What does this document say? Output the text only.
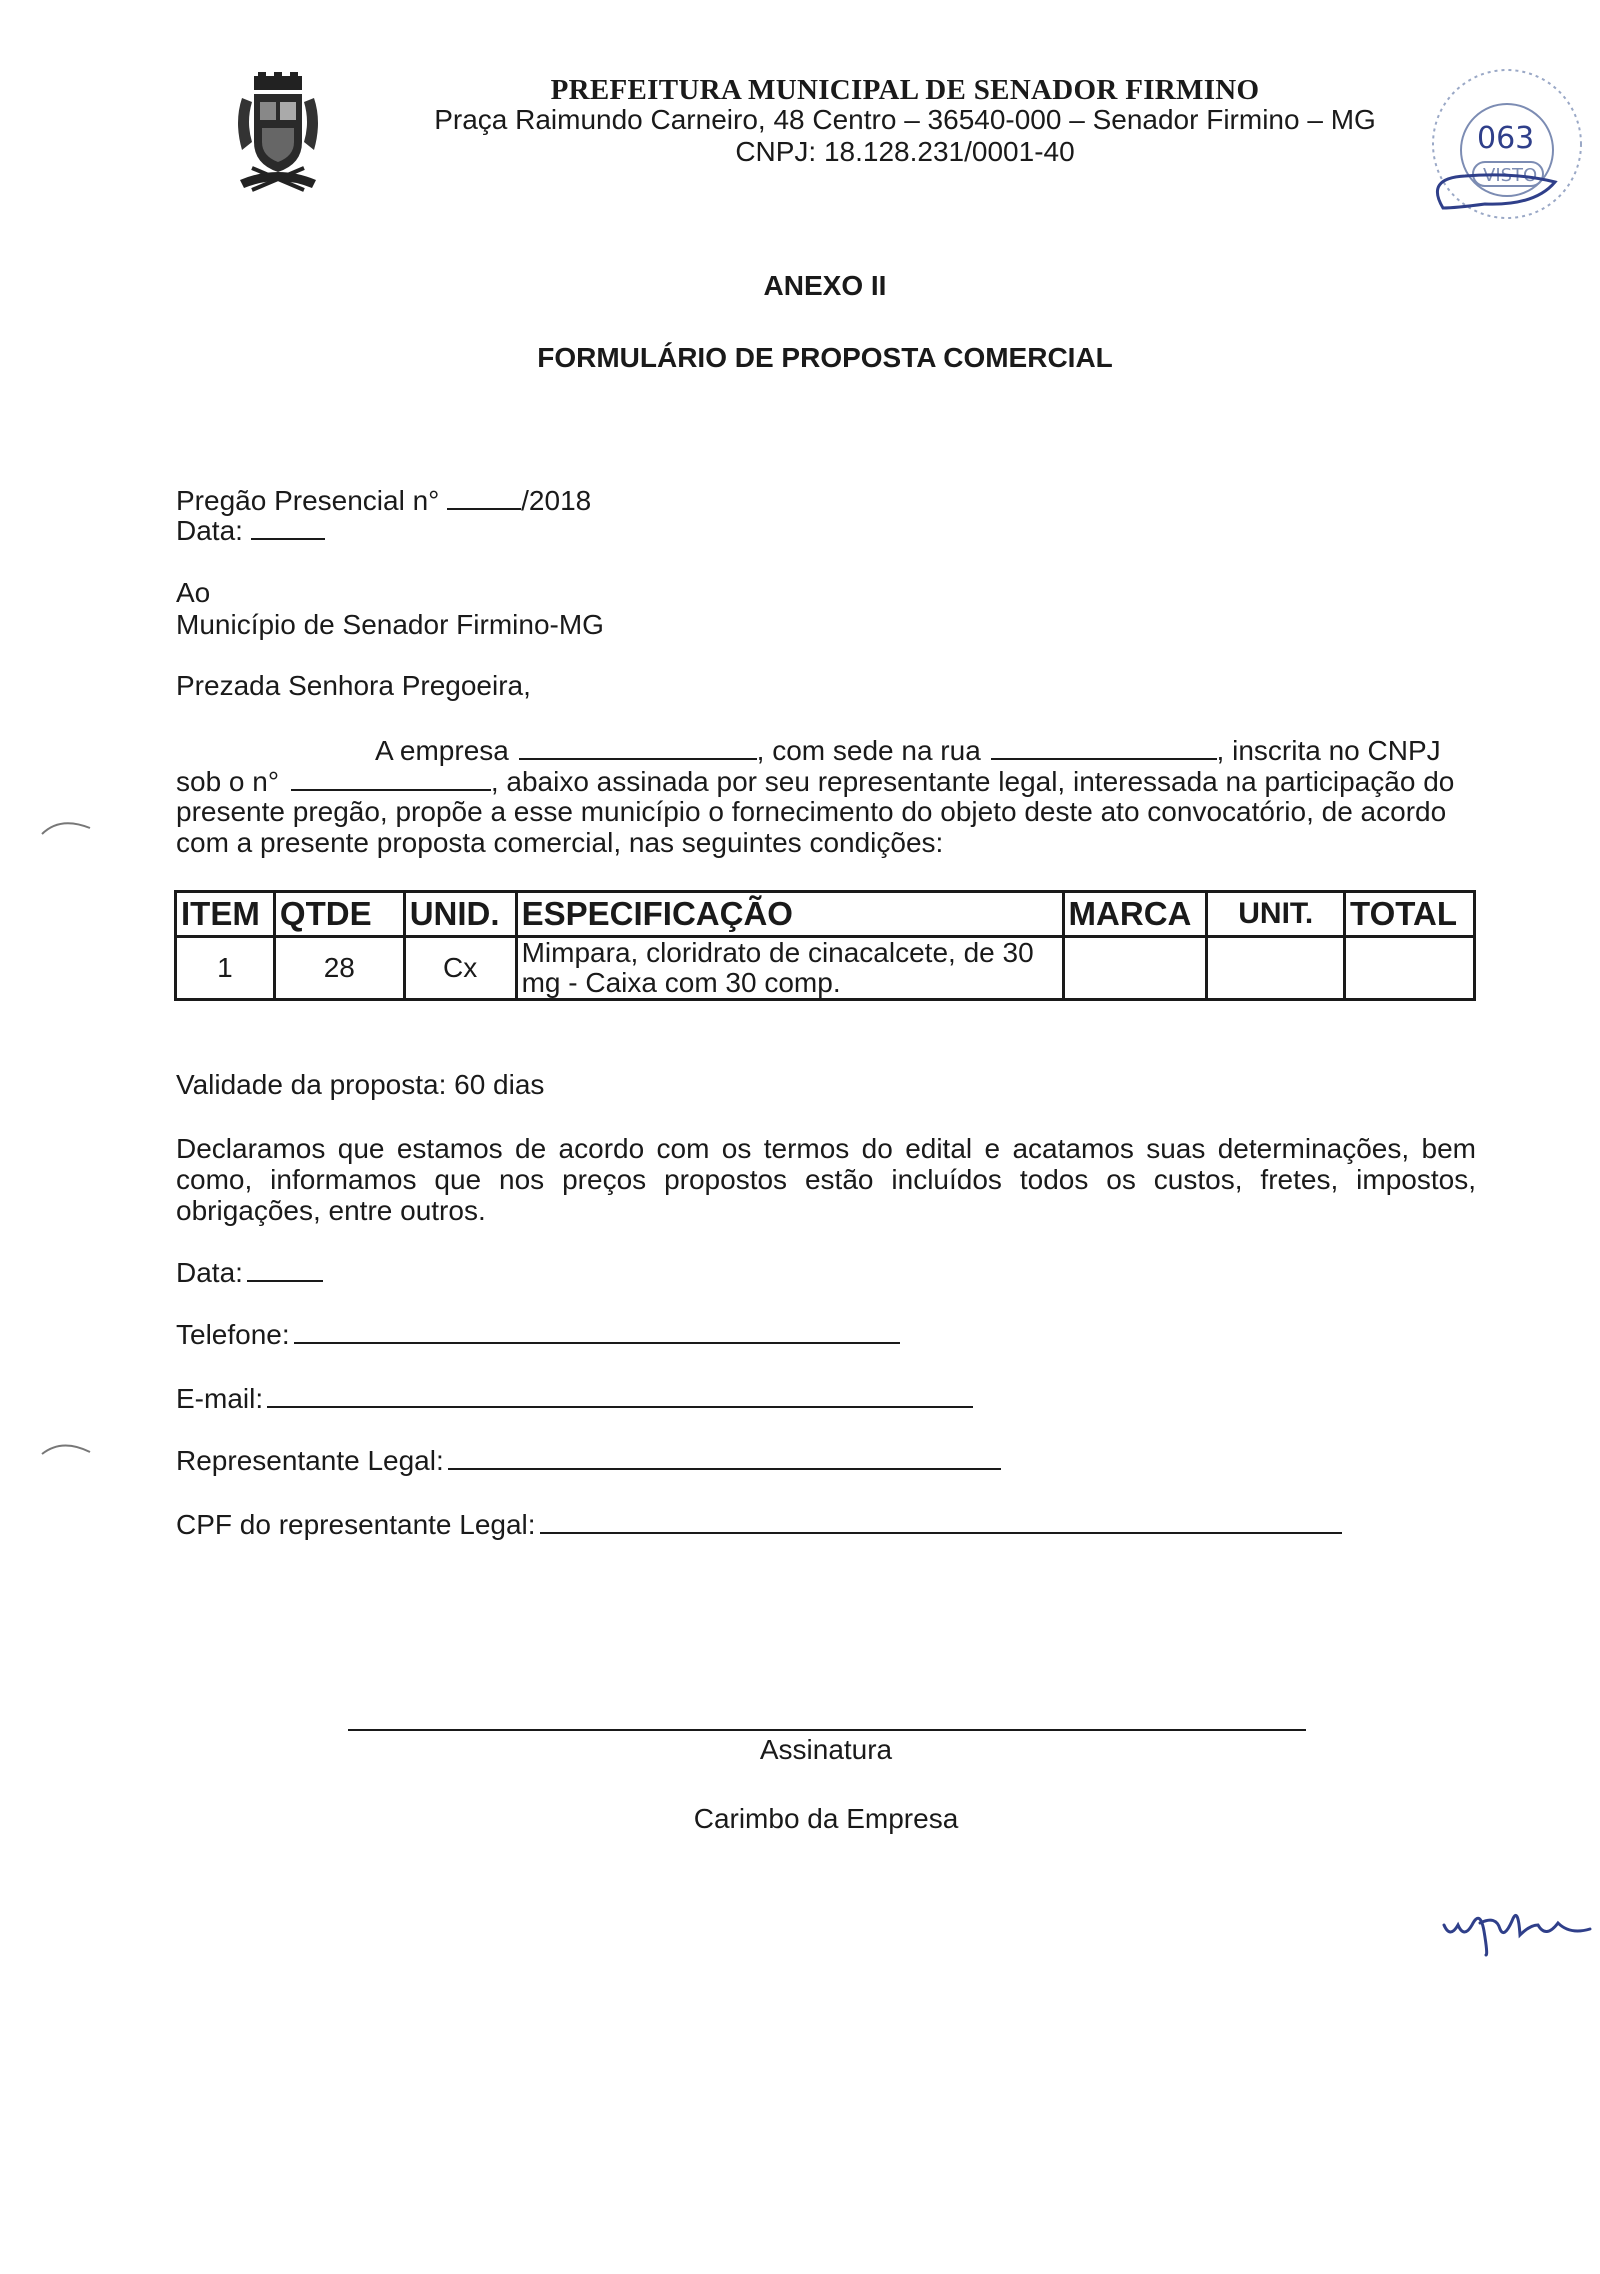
PREFEITURA MUNICIPAL DE SENADOR FIRMINO
Praça Raimundo Carneiro, 48 Centro – 36540-000 – Senador Firmino – MG
CNPJ: 18.128.231/0001-40	063
VISTO
ANEXO II
FORMULÁRIO DE PROPOSTA COMERCIAL
Pregão Presencial n°	/2018
Data:
Ao
Município de Senador Firmino-MG
Prezada Senhora Pregoeira,
A empresa	, com sede na rua	, inscrita no CNPJ
sob o n°	, abaixo assinada por seu representante legal, interessada na participação do
presente pregão, propõe a esse município o fornecimento do objeto deste ato convocatório, de acordo
com a presente proposta comercial, nas seguintes condições:
ITEM	QTDE	UNID.	ESPECIFICAÇÃO	MARCA	UNIT.	TOTAL
1	28	Cx	Mimpara, cloridrato de cinacalcete, de 30
mg - Caixa com 30 comp.			

Validade da proposta: 60 dias
Declaramos que estamos de acordo com os termos do edital e acatamos suas determinações, bem
como, informamos que nos preços propostos estão incluídos todos os custos, fretes, impostos,
obrigações, entre outros.
Data:
Telefone:
E-mail:
Representante Legal:
CPF do representante Legal:
Assinatura
Carimbo da Empresa
